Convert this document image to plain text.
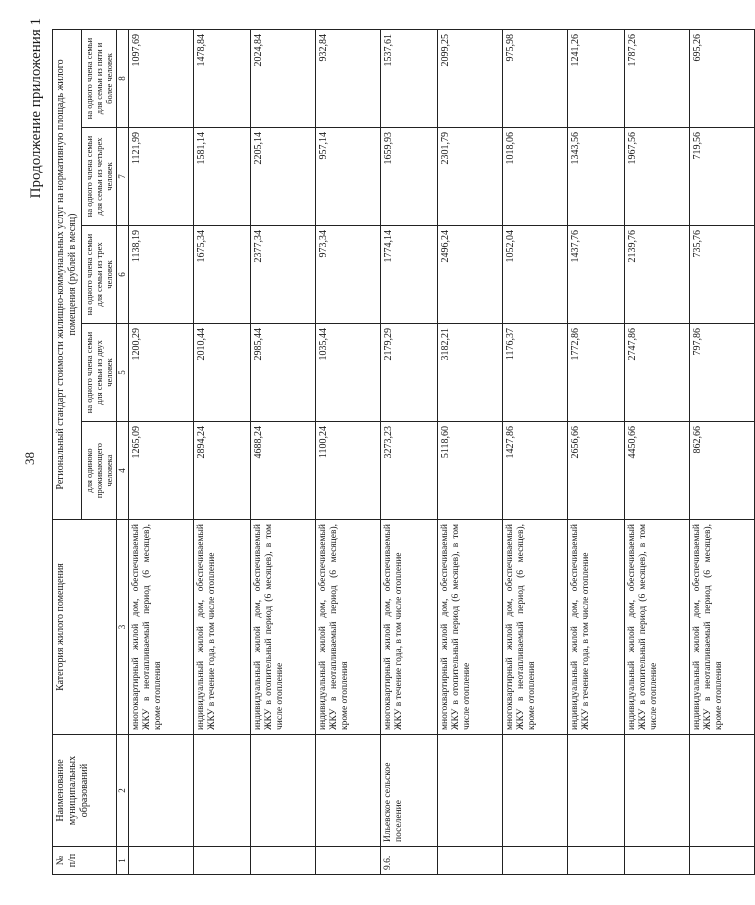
38
Продолжение приложения 1
№ п/п	Наименование муниципальных образований	Категория жилого помещения	Региональный стандарт стоимости жилищно-коммунальных услуг на нормативную площадь жилого помещения (рублей в месяц)				
			для одиноко проживающего человека	на одного члена семьи для семьи из двух человек	на одного члена семьи для семьи из трех человек	на одного члена семьи для семьи из четырех человек	на одного члена семьи для семьи из пяти и более человек
1	2	3	4	5	6	7	8
		многоквартирный жилой дом, обеспечиваемый ЖКУ в неотапливаемый период (6 месяцев), кроме отопления	1265,09	1200,29	1138,19	1121,99	1097,69
		индивидуальный жилой дом, обеспечиваемый ЖКУ в течение года, в том числе отопление	2894,24	2010,44	1675,34	1581,14	1478,84
		индивидуальный жилой дом, обеспечиваемый ЖКУ в отопительный период (6 месяцев), в том числе отопление	4688,24	2985,44	2377,34	2205,14	2024,84
		индивидуальный жилой дом, обеспечиваемый ЖКУ в неотапливаемый период (6 месяцев), кроме отопления	1100,24	1035,44	973,34	957,14	932,84
9.6.	Ильевское сельское поселение	многоквартирный жилой дом, обеспечиваемый ЖКУ в течение года, в том числе отопление	3273,23	2179,29	1774,14	1659,93	1537,61
		многоквартирный жилой дом, обеспечиваемый ЖКУ в отопительный период (6 месяцев), в том числе отопление	5118,60	3182,21	2496,24	2301,79	2099,25
		многоквартирный жилой дом, обеспечиваемый ЖКУ в неотапливаемый период (6 месяцев), кроме отопления	1427,86	1176,37	1052,04	1018,06	975,98
		индивидуальный жилой дом, обеспечиваемый ЖКУ в течение года, в том числе отопление	2656,66	1772,86	1437,76	1343,56	1241,26
		индивидуальный жилой дом, обеспечиваемый ЖКУ в отопительный период (6 месяцев), в том числе отопление	4450,66	2747,86	2139,76	1967,56	1787,26
		индивидуальный жилой дом, обеспечиваемый ЖКУ в неотапливаемый период (6 месяцев), кроме отопления	862,66	797,86	735,76	719,56	695,26
